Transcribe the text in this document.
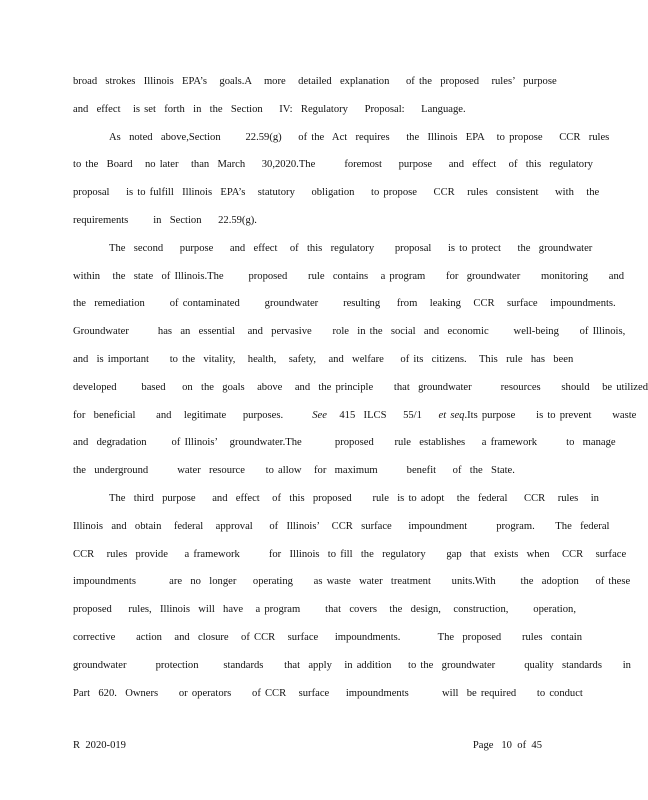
broad  strokes  Illinois  EPA’s   goals.A   more   detailed  explanation    of the  proposed   rules’  purpose
and  effect   is set  forth  in  the  Section    IV:  Regulatory    Proposal:    Language.
As  noted  above,Section      22.59(g)    of the  Act  requires    the  Illinois  EPA   to propose    CCR  rules
to the  Board   no later   than  March    30,2020.The       foremost    purpose    and  effect   of  this  regulatory
proposal    is to fulfill  Illinois  EPA’s   statutory    obligation    to propose    CCR   rules  consistent    with   the
requirements      in  Section    22.59(g).
The  second    purpose    and  effect   of  this  regulatory     proposal    is to protect    the  groundwater
within   the  state  of Illinois.The      proposed     rule  contains   a program     for  groundwater     monitoring     and
the  remediation      of contaminated      groundwater      resulting    from   leaking   CCR   surface   impoundments.
Groundwater       has  an  essential   and  pervasive     role  in the  social  and  economic      well-being     of Illinois,
and  is important     to the  vitality,   health,   safety,   and  welfare    of its  citizens.   This  rule  has  been
developed      based    on  the  goals   above   and  the principle     that  groundwater       resources     should   be utilized
for  beneficial     and   legitimate    purposes.       See   415  ILCS    55/1    et seq.Its purpose     is to prevent     waste
and  degradation      of Illinois’   groundwater.The        proposed     rule  establishes    a framework       to  manage
the  underground       water  resource     to allow   for  maximum       benefit    of  the  State.
The  third  purpose    and  effect   of  this  proposed     rule  is to adopt   the  federal    CCR   rules   in
Illinois  and  obtain   federal   approval    of  Illinois’   CCR  surface    impoundment       program.     The  federal
CCR   rules  provide    a framework       for  Illinois  to fill  the  regulatory     gap  that  exists  when   CCR   surface
impoundments        are  no  longer    operating     as waste  water  treatment     units.With      the  adoption    of these
proposed    rules,  Illinois  will  have   a program      that  covers   the  design,   construction,      operation,
corrective     action   and  closure   of CCR   surface    impoundments.         The  proposed     rules  contain
groundwater       protection      standards     that  apply   in addition    to the  groundwater       quality  standards     in
Part  620.  Owners     or operators     of CCR   surface    impoundments        will  be required     to conduct
R  2020-019	Page   10  of  45
